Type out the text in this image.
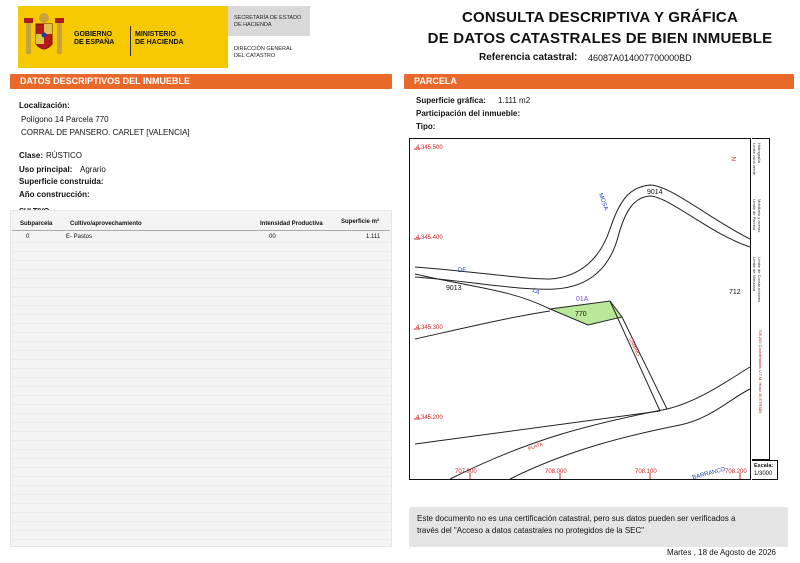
GOBIERNO
DE ESPAÑA
MINISTERIO
DE HACIENDA
SECRETARÍA DE ESTADO
DE HACIENDA
DIRECCIÓN GENERAL
DEL CATASTRO
CONSULTA DESCRIPTIVA Y GRÁFICA
DE DATOS CATASTRALES DE BIEN INMUEBLE
Referencia catastral: 46087A014007700000BD
DATOS DESCRIPTIVOS DEL INMUEBLE
Localización:
Polígono 14 Parcela 770
CORRAL DE PANSERO. CARLET [VALENCIA]
Clase: RÚSTICO
Uso principal: Agrario
Superficie construida:
Año construcción:
Subparcela	Cultivo/aprovechamiento	Intensidad Productiva	Superficie m²
0	E- Pastos	00	1.111
PARCELA
Superficie gráfica: 1.111 m2
Participación del inmueble:
Tipo:
N
4.345.500
4.345.400
4.345.300
4.345.200
707.900	708.000	708.100	708.200
9014
9013
770
712
01A
MOSA
DE
LA
CAMINO
BARRANCO
PLATA
Hidrografía
Límite zona verde
Mobiliario y aceras
Límite de Parcela
Límite de Construcciones
Límite de Manzana
708.200 Coordenadas U.T.M. Huso 30 ETRS89
Escala:
1/3000
Este documento no es una certificación catastral, pero sus datos pueden ser verificados a
través del "Acceso a datos catastrales no protegidos de la SEC"
Martes , 18 de Agosto de 2026
